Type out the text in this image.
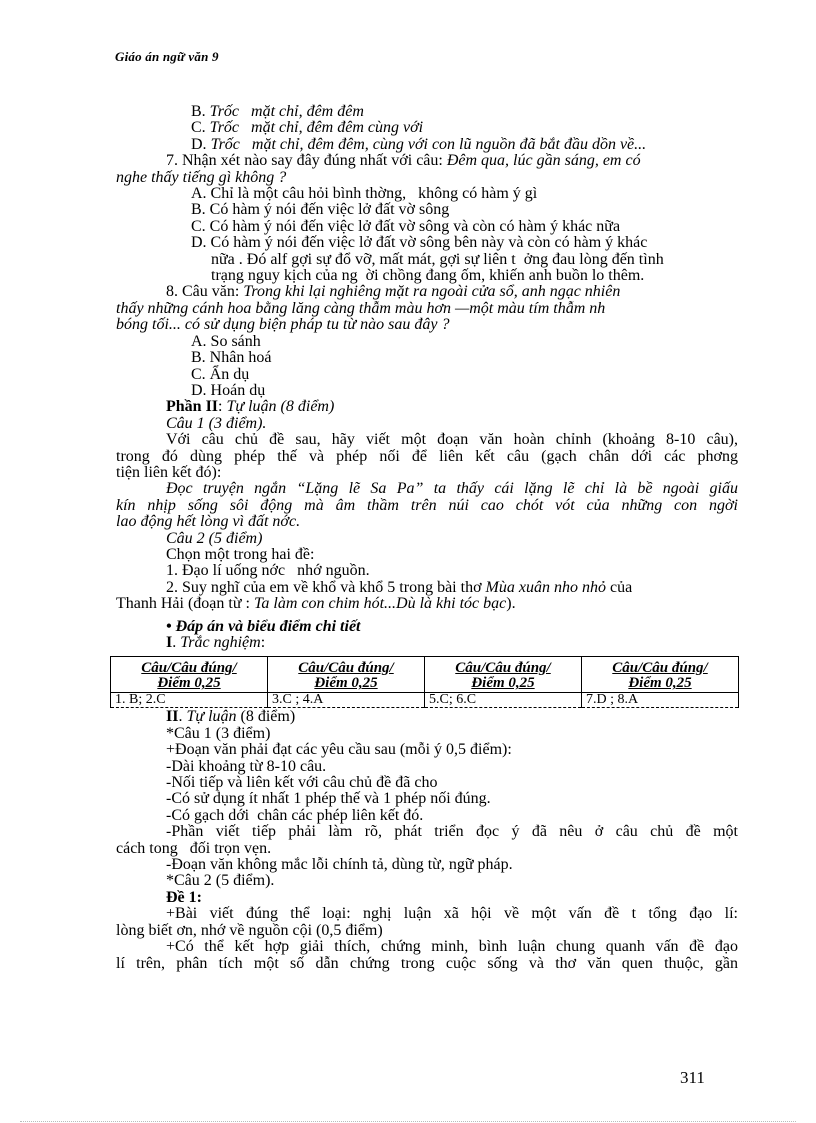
Giáo án ngữ văn 9
B. Trốc   mặt chỉ, đêm đêm
C. Trốc   mặt chỉ, đêm đêm cùng với
D. Trốc   mặt chỉ, đêm đêm, cùng với con lũ nguồn đã bắt đầu dồn về...
7. Nhận xét nào say đây đúng nhất với câu: Đêm qua, lúc gần sáng, em có
nghe thấy tiếng gì không ?
A. Chỉ là một câu hỏi bình thờng,   không có hàm ý gì
B. Có hàm ý nói đến việc lở đất vờ sông
C. Có hàm ý nói đến việc lở đất vờ sông và còn có hàm ý khác nữa
D. Có hàm ý nói đến việc lở đất vờ sông bên này và còn có hàm ý khác
nữa . Đó alf gợi sự đổ vỡ, mất mát, gợi sự liên t  ởng đau lòng đến tình
trạng nguy kịch của ng  ời chồng đang ốm, khiến anh buồn lo thêm.
8. Câu văn: Trong khi lại nghiêng mặt ra ngoài cửa sổ, anh ngạc nhiên
thấy những cánh hoa bằng lăng càng thẫm màu hơn —một màu tím thẫm nh
bóng tối... có sử dụng biện pháp tu từ nào sau đây ?
A. So sánh
B. Nhân hoá
C. Ẩn dụ
D. Hoán dụ
Phần II: Tự luận (8 điểm)
Câu 1 (3 điểm).
Với câu chủ đề sau, hãy viết một đoạn văn hoàn chỉnh (khoảng 8-10 câu),
trong đó dùng phép thế và phép nối để liên kết câu (gạch chân dới các phơng
tiện liên kết đó):
Đọc truyện ngắn “Lặng lẽ Sa Pa” ta thấy cái lặng lẽ chỉ là bề ngoài giấu
kín nhịp sống sôi động mà âm thầm trên núi cao chót vót của những con ngời
lao động hết lòng vì đất nớc.
Câu 2 (5 điểm)
Chọn một trong hai đề:
1. Đạo lí uống nớc   nhớ nguồn.
2. Suy nghĩ của em về khổ và khổ 5 trong bài thơ Mùa xuân nho nhỏ của
Thanh Hải (đoạn từ : Ta làm con chim hót...Dù là khi tóc bạc).
• Đáp án và biểu điểm chi tiết
I. Trắc nghiệm:
Câu/Câu đúng/
Điểm 0,25	Câu/Câu đúng/
Điểm 0,25	Câu/Câu đúng/
Điểm 0,25	Câu/Câu đúng/
Điểm 0,25
1. B; 2.C	3.C ; 4.A	5.C; 6.C	7.D ; 8.A
II. Tự luận (8 điểm)
*Câu 1 (3 điểm)
+Đoạn văn phải đạt các yêu cầu sau (mỗi ý 0,5 điểm):
-Dài khoảng từ 8-10 câu.
-Nối tiếp và liên kết với câu chủ đề đã cho
-Có sử dụng ít nhất 1 phép thế và 1 phép nối đúng.
-Có gạch dới  chân các phép liên kết đó.
-Phần viết tiếp phải làm rõ, phát triển đọc ý đã nêu ở câu chủ đề một
cách tong   đối trọn vẹn.
-Đoạn văn không mắc lỗi chính tả, dùng từ, ngữ pháp.
*Câu 2 (5 điểm).
Đề 1:
+Bài viết đúng thể loại: nghị luận xã hội về một vấn đề t tổng đạo lí:
lòng biết ơn, nhớ về nguồn cội (0,5 điểm)
+Có thể kết hợp giải thích, chứng minh, bình luận chung quanh vấn đề đạo
lí trên, phân tích một số dẫn chứng trong cuộc sống và thơ văn quen thuộc, gần
311
